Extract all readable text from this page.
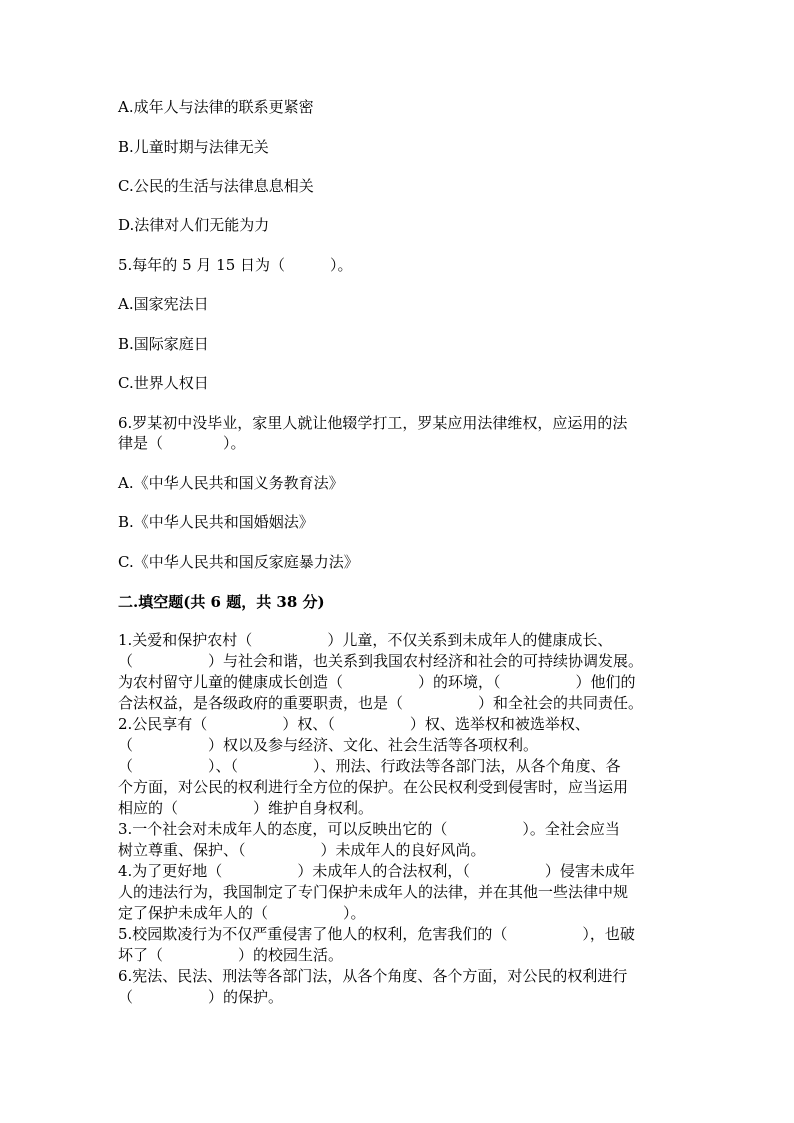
A.成年人与法律的联系更紧密
B.儿童时期与法律无关
C.公民的生活与法律息息相关
D.法律对人们无能为力
5.每年的 5 月 15 日为（　　　）。
A.国家宪法日
B.国际家庭日
C.世界人权日
6.罗某初中没毕业，家里人就让他辍学打工，罗某应用法律维权，应运用的法
律是（　　　　）。
A.《中华人民共和国义务教育法》
B.《中华人民共和国婚姻法》
C.《中华人民共和国反家庭暴力法》
二.填空题(共 6 题，共 38 分)
1.关爱和保护农村（　　　　　）儿童，不仅关系到未成年人的健康成长、
（　　　　　）与社会和谐，也关系到我国农村经济和社会的可持续协调发展。
为农村留守儿童的健康成长创造（　　　　　）的环境，（　　　　　）他们的
合法权益，是各级政府的重要职责，也是（　　　　　）和全社会的共同责任。
2.公民享有（　　　　　）权、（　　　　　）权、选举权和被选举权、
（　　　　　）权以及参与经济、文化、社会生活等各项权利。
（　　　　　）、（　　　　　）、刑法、行政法等各部门法，从各个角度、各
个方面，对公民的权利进行全方位的保护。在公民权利受到侵害时，应当运用
相应的（　　　　　）维护自身权利。
3.一个社会对未成年人的态度，可以反映出它的（　　　　　）。全社会应当
树立尊重、保护、（　　　　　）未成年人的良好风尚。
4.为了更好地（　　　　　）未成年人的合法权利，（　　　　　）侵害未成年
人的违法行为，我国制定了专门保护未成年人的法律，并在其他一些法律中规
定了保护未成年人的（　　　　　）。
5.校园欺凌行为不仅严重侵害了他人的权利，危害我们的（　　　　　），也破
坏了（　　　　　）的校园生活。
6.宪法、民法、刑法等各部门法，从各个角度、各个方面，对公民的权利进行
（　　　　　）的保护。
